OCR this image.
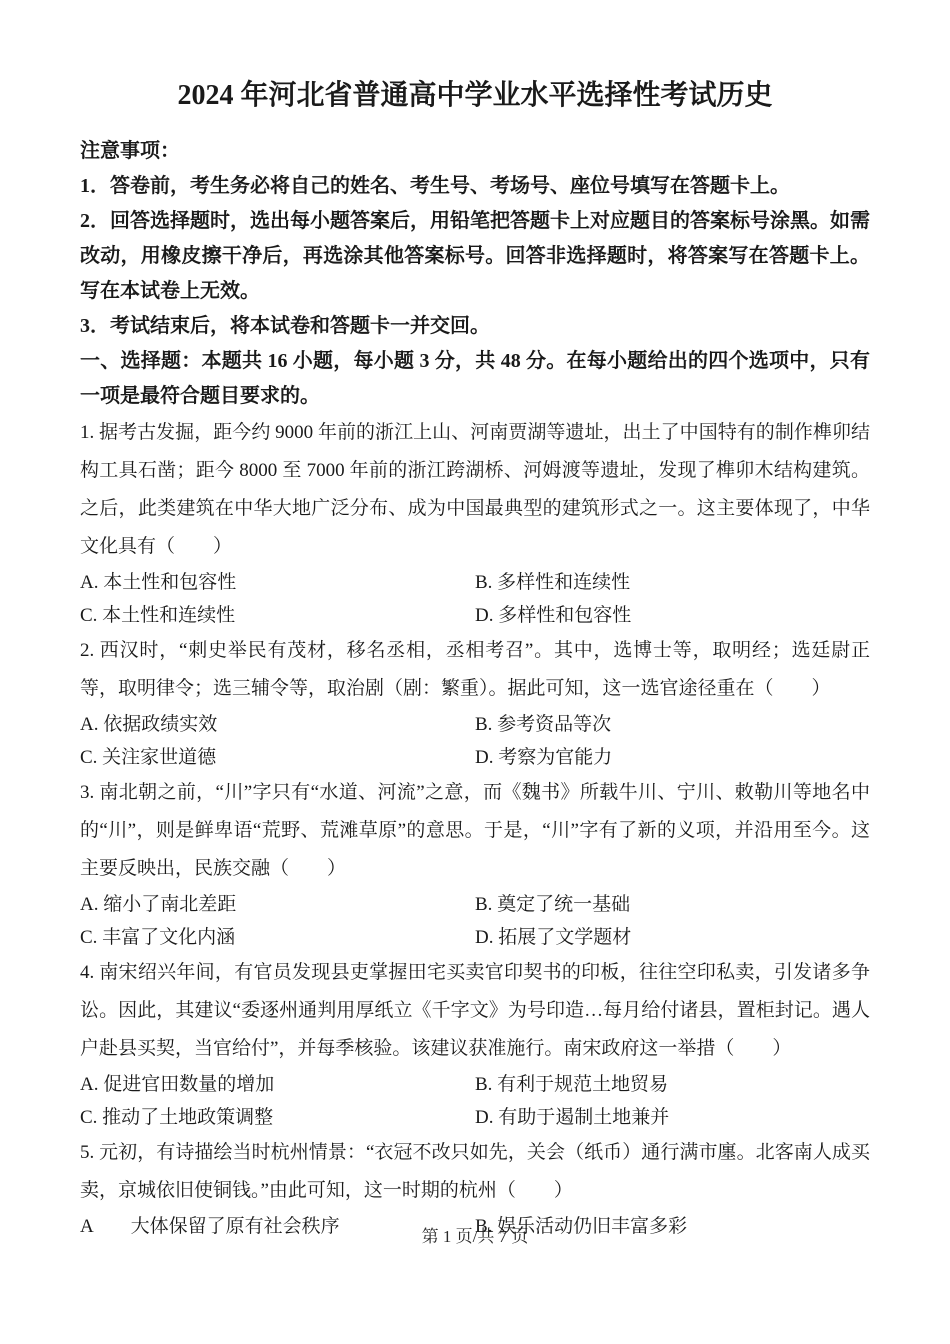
2024 年河北省普通高中学业水平选择性考试历史

注意事项：

1．答卷前，考生务必将自己的姓名、考生号、考场号、座位号填写在答题卡上。

2．回答选择题时，选出每小题答案后，用铅笔把答题卡上对应题目的答案标号涂黑。如需改动，用橡皮擦干净后，再选涂其他答案标号。回答非选择题时，将答案写在答题卡上。写在本试卷上无效。

3．考试结束后，将本试卷和答题卡一并交回。

一、选择题：本题共 16 小题，每小题 3 分，共 48 分。在每小题给出的四个选项中，只有一项是最符合题目要求的。

1. 据考古发掘，距今约 9000 年前的浙江上山、河南贾湖等遗址，出土了中国特有的制作榫卯结构工具石凿；距今 8000 至 7000 年前的浙江跨湖桥、河姆渡等遗址，发现了榫卯木结构建筑。之后，此类建筑在中华大地广泛分布、成为中国最典型的建筑形式之一。这主要体现了，中华文化具有（　　）

A. 本土性和包容性	B. 多样性和连续性
C. 本土性和连续性	D. 多样性和包容性

2. 西汉时，“刺史举民有茂材，移名丞相，丞相考召”。其中，选博士等，取明经；选廷尉正等，取明律令；选三辅令等，取治剧（剧：繁重）。据此可知，这一选官途径重在（　　）

A. 依据政绩实效	B. 参考资品等次
C. 关注家世道德	D. 考察为官能力

3. 南北朝之前，“川”字只有“水道、河流”之意，而《魏书》所载牛川、宁川、敕勒川等地名中的“川”，则是鲜卑语“荒野、荒滩草原”的意思。于是，“川”字有了新的义项，并沿用至今。这主要反映出，民族交融（　　）

A. 缩小了南北差距	B. 奠定了统一基础
C. 丰富了文化内涵	D. 拓展了文学题材

4. 南宋绍兴年间，有官员发现县吏掌握田宅买卖官印契书的印板，往往空印私卖，引发诸多争讼。因此，其建议“委逐州通判用厚纸立《千字文》为号印造…每月给付诸县，置柜封记。遇人户赴县买契，当官给付”，并每季核验。该建议获准施行。南宋政府这一举措（　　）

A. 促进官田数量的增加	B. 有利于规范土地贸易
C. 推动了土地政策调整	D. 有助于遏制土地兼并

5. 元初，有诗描绘当时杭州情景：“衣冠不改只如先，关会（纸币）通行满市廛。北客南人成买卖，京城依旧使铜钱。”由此可知，这一时期的杭州（　　）

A　　大体保留了原有社会秩序	B. 娱乐活动仍旧丰富多彩
第 1 页/共 7 页
